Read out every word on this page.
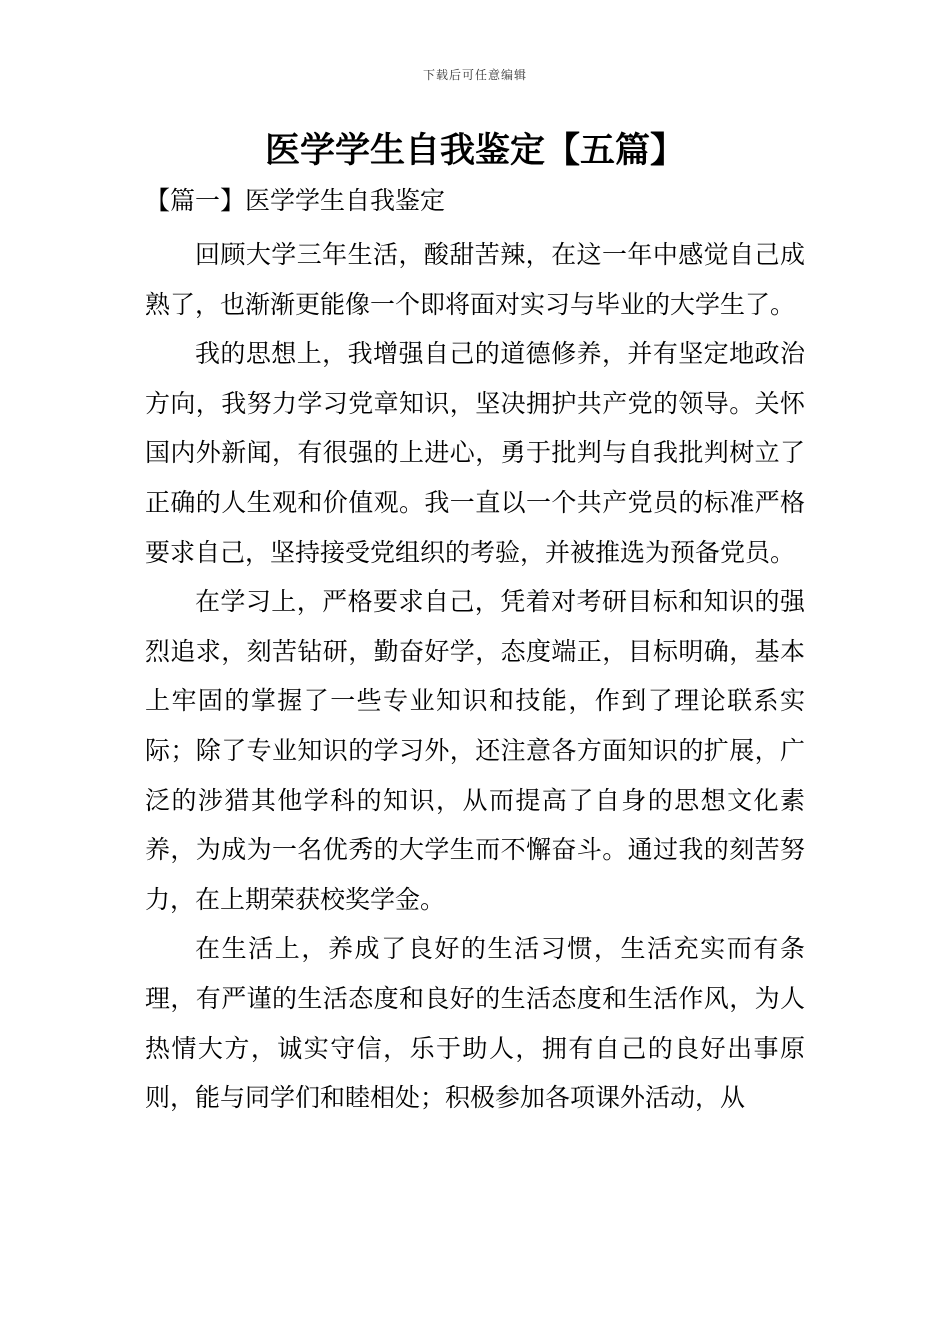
下载后可任意编辑
医学学生自我鉴定【五篇】
【篇一】医学学生自我鉴定

回顾大学三年生活，酸甜苦辣，在这一年中感觉自己成熟了，也渐渐更能像一个即将面对实习与毕业的大学生了。

我的思想上，我增强自己的道德修养，并有坚定地政治方向，我努力学习党章知识，坚决拥护共产党的领导。关怀国内外新闻，有很强的上进心，勇于批判与自我批判树立了正确的人生观和价值观。我一直以一个共产党员的标准严格要求自己，坚持接受党组织的考验，并被推选为预备党员。

在学习上，严格要求自己，凭着对考研目标和知识的强烈追求，刻苦钻研，勤奋好学，态度端正，目标明确，基本上牢固的掌握了一些专业知识和技能，作到了理论联系实际；除了专业知识的学习外，还注意各方面知识的扩展，广泛的涉猎其他学科的知识，从而提高了自身的思想文化素养，为成为一名优秀的大学生而不懈奋斗。通过我的刻苦努力，在上期荣获校奖学金。

在生活上，养成了良好的生活习惯，生活充实而有条理，有严谨的生活态度和良好的生活态度和生活作风，为人热情大方，诚实守信，乐于助人，拥有自己的良好出事原则，能与同学们和睦相处；积极参加各项课外活动，从
